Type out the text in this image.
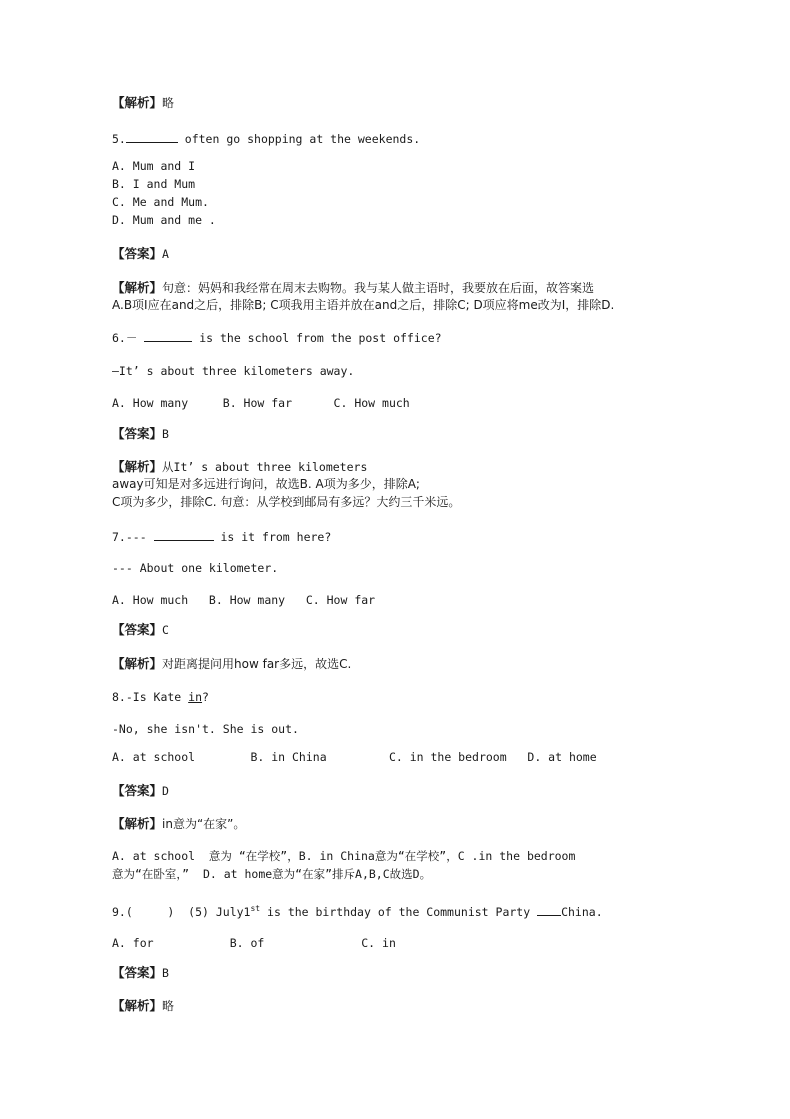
【解析】略
5.	often go shopping at the weekends.
A. Mum and I
B. I and Mum
C. Me and Mum.
D. Mum and me .
【答案】A
【解析】句意：妈妈和我经常在周末去购物。我与某人做主语时，我要放在后面，故答案选
A.B项I应在and之后，排除B; C项我用主语并放在and之后，排除C; D项应将me改为I，排除D.
6.－	is the school from the post office?
—It’ s about three kilometers away.
A. How many     B. How far      C. How much
【答案】B
【解析】从It’ s about three kilometers
away可知是对多远进行询问，故选B. A项为多少，排除A;
C项为多少，排除C. 句意：从学校到邮局有多远？大约三千米远。
7.---	is it from here?
--- About one kilometer.
A. How much   B. How many   C. How far
【答案】C
【解析】对距离提问用how far多远，故选C.
8.-Is Kate in?
-No, she isn't. She is out.
A. at school        B. in China         C. in the bedroom   D. at home
【答案】D
【解析】in意为“在家”。
A. at school  意为 “在学校”，B. in China意为“在学校”，C .in the bedroom
意为“在卧室，”  D. at home意为“在家”排斥A,B,C故选D。
9.(     )  (5) July1st is the birthday of the Communist Party China.
A. for           B. of              C. in
【答案】B
【解析】略
